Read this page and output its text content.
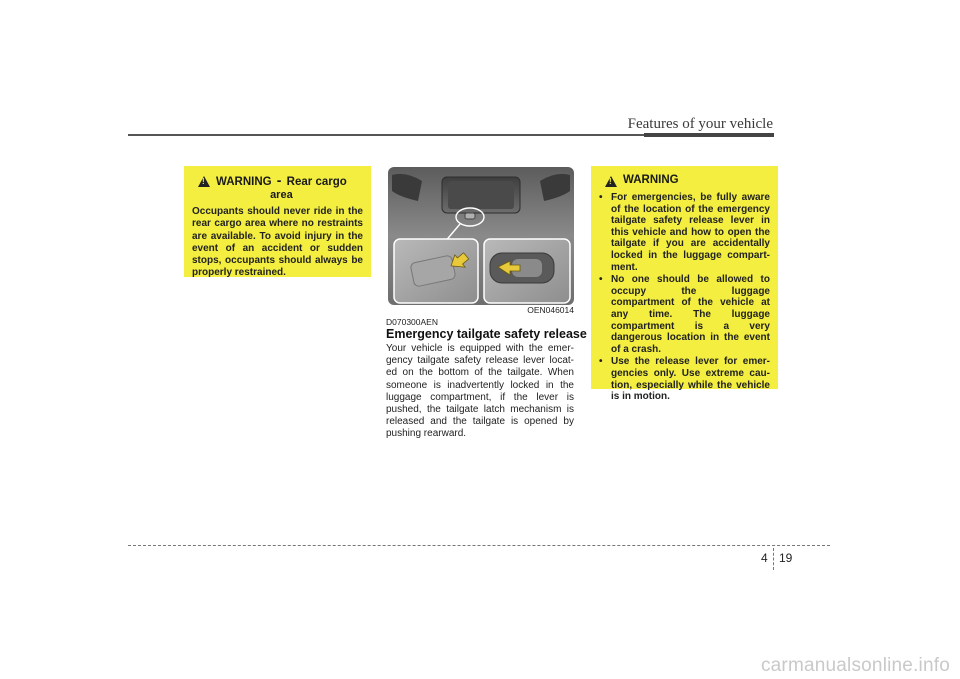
Features of your vehicle
! WARNING - Rear cargo
area
Occupants should never ride in the rear cargo area where no restraints are available. To avoid injury in the event of an accident or sudden stops, occupants should always be properly restrained.
OEN046014
D070300AEN
Emergency tailgate safety release
Your vehicle is equipped with the emer- gency tailgate safety release lever locat- ed on the bottom of the tailgate. When someone is inadvertently locked in the luggage compartment, if the lever is pushed, the tailgate latch mechanism is released and the tailgate is opened by pushing rearward.
! WARNING
• For emergencies, be fully aware of the location of the emergency tailgate safety release lever in this vehicle and how to open the tailgate if you are accidentally locked in the luggage compart- ment.
• No one should be allowed to occupy the luggage compartment of the vehicle at any time. The luggage compartment is a very dangerous location in the event of a crash.
• Use the release lever for emer- gencies only. Use extreme cau- tion, especially while the vehicle is in motion.
4 19
carmanualsonline.info
